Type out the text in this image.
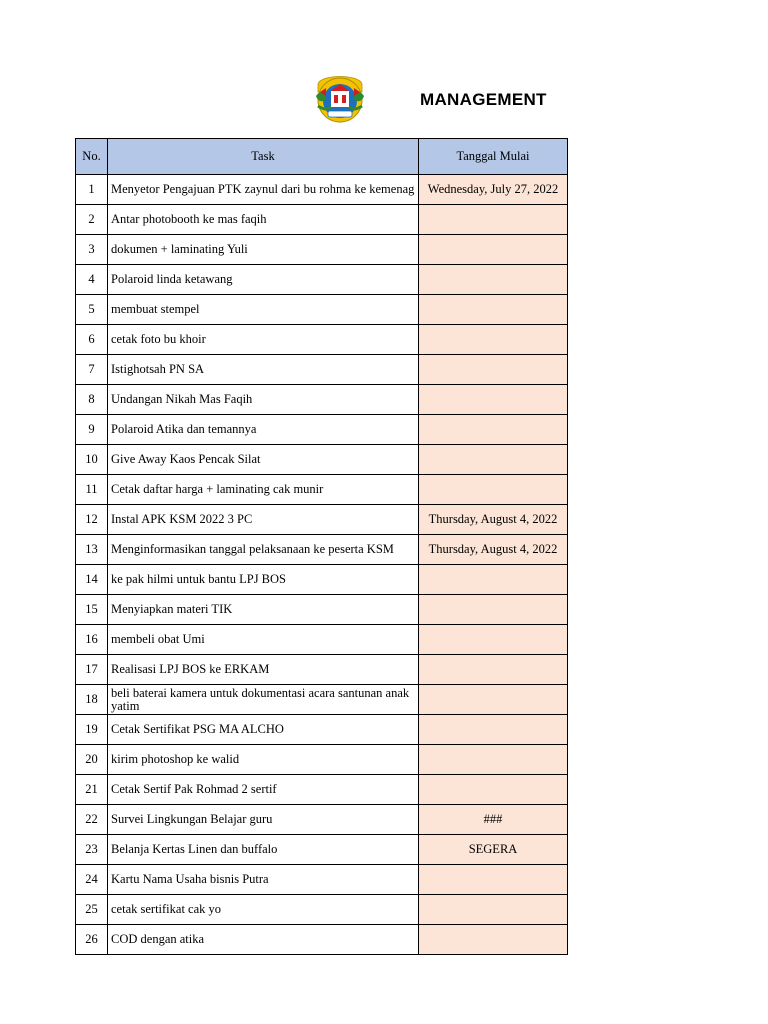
MANAGEMENT
No.	Task	Tanggal Mulai
1	Menyetor Pengajuan PTK zaynul dari bu rohma ke kemenag	Wednesday, July 27, 2022
2	Antar photobooth ke mas faqih	
3	dokumen + laminating Yuli	
4	Polaroid linda ketawang	
5	membuat stempel	
6	cetak foto bu khoir	
7	Istighotsah PN SA	
8	Undangan Nikah Mas Faqih	
9	Polaroid Atika dan temannya	
10	Give Away Kaos Pencak Silat	
11	Cetak daftar harga + laminating cak munir	
12	Instal APK KSM 2022 3 PC	Thursday, August 4, 2022
13	Menginformasikan tanggal pelaksanaan ke peserta KSM	Thursday, August 4, 2022
14	ke pak hilmi untuk bantu LPJ BOS	
15	Menyiapkan materi TIK	
16	membeli obat Umi	
17	Realisasi LPJ BOS ke ERKAM	
18	beli baterai kamera untuk dokumentasi acara santunan anak yatim	
19	Cetak Sertifikat PSG MA ALCHO	
20	kirim photoshop ke walid	
21	Cetak Sertif Pak Rohmad 2 sertif	
22	Survei Lingkungan Belajar guru	###
23	Belanja Kertas Linen dan buffalo	SEGERA
24	Kartu Nama Usaha bisnis Putra	
25	cetak sertifikat cak yo	
26	COD dengan atika	
